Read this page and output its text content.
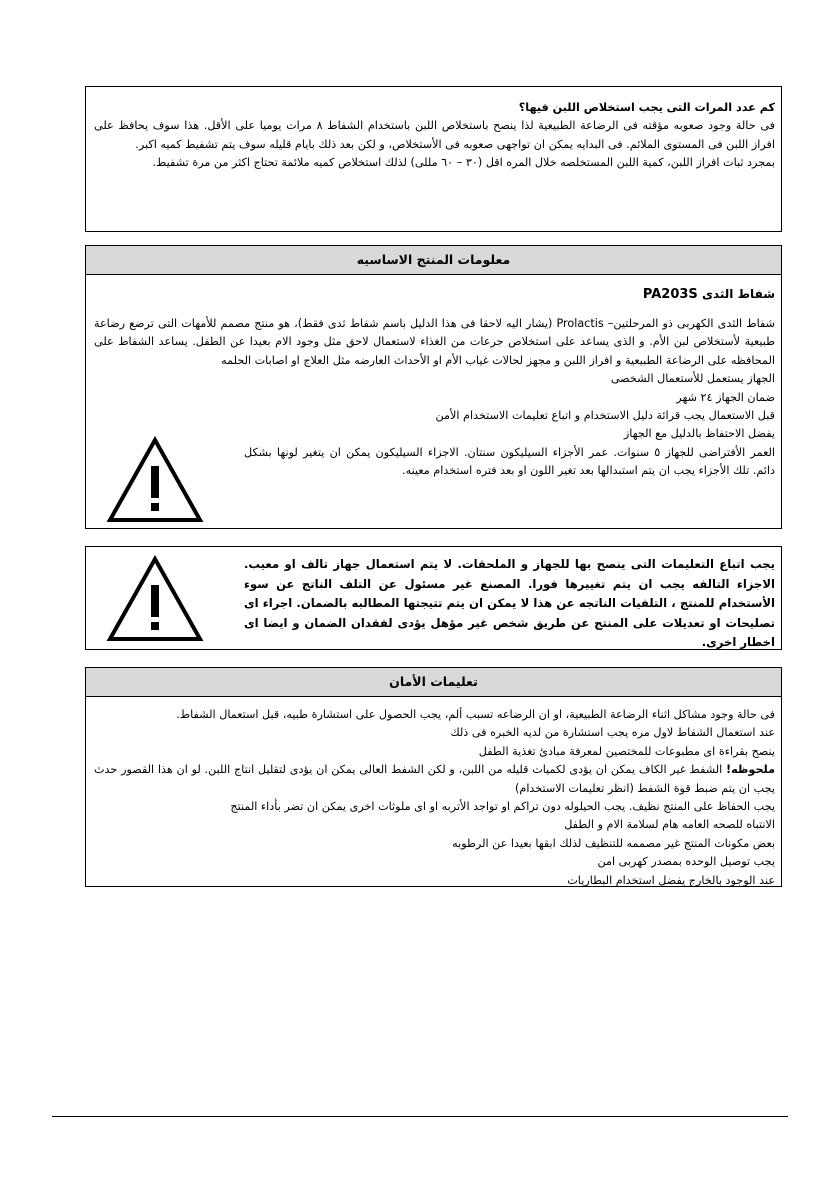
كم عدد المرات التى يجب استخلاص اللبن فيها؟

فى حالة وجود صعوبه مؤقته فى الرضاعة الطبيعية لذا ينصح باستخلاص اللبن باستخدام الشفاط ٨ مرات يوميا على الأقل. هذا سوف يحافظ على افراز اللبن فى المستوى الملائم. فى البدايه يمكن ان تواجهى صعوبه فى الأستخلاص، و لكن بعد ذلك بايام قليله سوف يتم تشفيط كميه اكبر.

بمجرد ثبات افراز اللبن، كمية اللبن المستخلصه خلال المره اقل (٣٠ – ٦٠ مللى) لذلك استخلاص كميه ملائمة تحتاج اكثر من مرة تشفيط.

معلومات المنتج الاساسيه

شفاط الثدى PA203S

شفاط الثدى الكهربى ذو المرحلتين– Prolactis (يشار اليه لاحقا فى هذا الدليل باسم شفاط ثدى فقط)، هو منتج مصمم للأمهات التى ترضع رضاعة طبيعية لأستخلاص لبن الأم. و الذى يساعد على استخلاص جرعات من الغذاء لاستعمال لاحق مثل وجود الام بعيدا عن الطفل. يساعد الشفاط على المحافظه على الرضاعة الطبيعية و افراز اللبن و مجهز لحالات غياب الأم او الأحداث العارضه مثل العلاج او اصابات الحلمه

الجهاز يستعمل للأستعمال الشخصى

ضمان الجهاز ٢٤ شهر

قبل الاستعمال يجب قرائة دليل الاستخدام و اتباع تعليمات الاستخدام الأمن

يفضل الاحتفاظ بالدليل مع الجهاز

العمر الأفتراضى للجهاز ٥ سنوات. عمر الأجزاء السيليكون سنتان. الاجزاء السيليكون يمكن ان يتغير لونها بشكل دائم. تلك الأجزاء يجب ان يتم استبدالها بعد تغير اللون او بعد فتره استخدام معينه.

يجب اتباع التعليمات التى ينصح بها للجهاز و الملحقات. لا يتم استعمال جهاز تالف او معيب. الاجزاء التالفه يجب ان يتم تغييرها فورا. المصنع غير مسئول عن التلف الناتج عن سوء الأستخدام للمنتج ، التلفيات الناتجه عن هذا لا يمكن ان يتم تتيجتها المطالبه بالضمان. اجراء اى تصليحات او تعديلات على المنتج عن طريق شخص غير مؤهل يؤدى لفقدان الضمان و ايضا اى اخطار اخرى.

تعليمات الأمان

فى حالة وجود مشاكل اثناء الرضاعة الطبيعية، او ان الرضاعه تسبب ألم، يجب الحصول على استشارة طبيه، قبل استعمال الشفاط.

عند استعمال الشفاط لاول مره يجب استشارة من لديه الخبره فى ذلك

ينصح بقراءة اى مطبوعات للمختصين لمعرفة مبادئ تغذية الطفل

ملحوظه! الشفط غير الكاف يمكن ان يؤدى لكميات قليله من اللبن، و لكن الشفط العالى يمكن ان يؤدى لتقليل انتاج اللبن. لو ان هذا القصور حدث يجب ان يتم ضبط قوة الشفط (انظر تعليمات الاستخدام)

يجب الحفاظ على المنتج نظيف. يجب الحيلوله دون تراكم او تواجد الأتربه او اى ملوثات اخرى يمكن ان تضر بأداء المنتج

الانتباه للصحه العامه هام لسلامة الام و الطفل

بعض مكونات المنتج غير مصممه للتنظيف لذلك ابقها بعيدا عن الرطوبه

يجب توصيل الوحده بمصدر كهربى امن

عند الوجود بالخارج يفضل استخدام البطاريات
